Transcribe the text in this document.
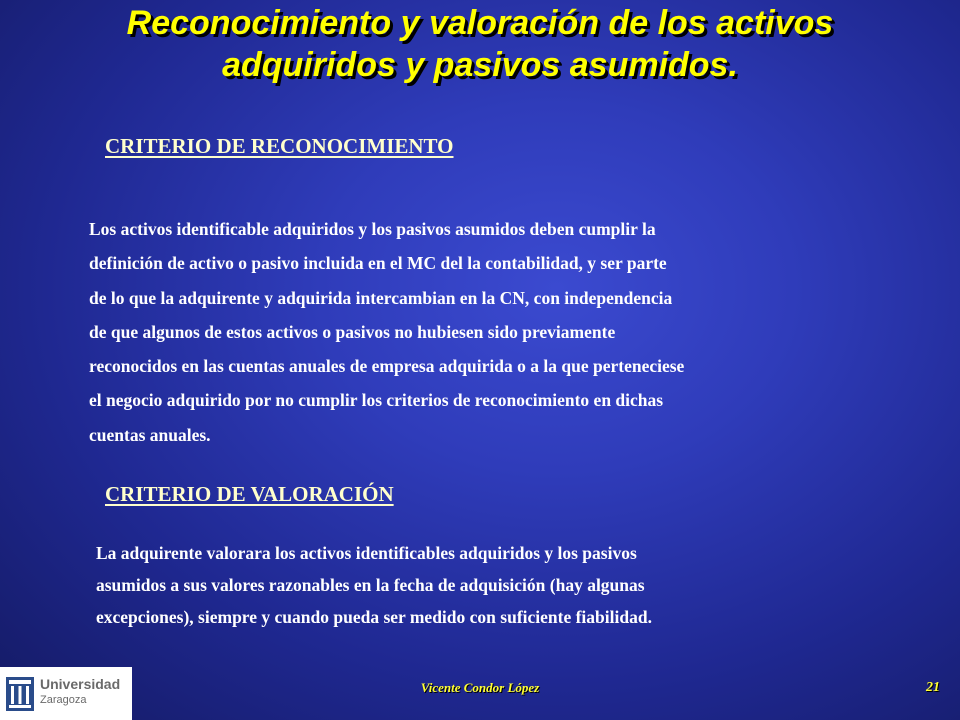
Reconocimiento y valoración de los activos
adquiridos y pasivos asumidos.
CRITERIO DE RECONOCIMIENTO

Los activos identificable adquiridos y los pasivos asumidos deben cumplir la
definición de activo o pasivo incluida en el MC del la contabilidad, y ser parte
de lo que la adquirente y adquirida intercambian en la CN, con independencia
de que algunos de estos activos o pasivos no hubiesen sido previamente
reconocidos en las cuentas anuales de empresa adquirida o a la que perteneciese
el negocio adquirido por no cumplir los criterios de reconocimiento en dichas
cuentas anuales.

CRITERIO DE VALORACIÓN

La adquirente valorara los activos identificables adquiridos y los pasivos
asumidos a sus valores razonables en la fecha de adquisición (hay algunas
excepciones), siempre y cuando pueda ser medido con suficiente fiabilidad.

Universidad
Zaragoza
Vicente Condor López	21
